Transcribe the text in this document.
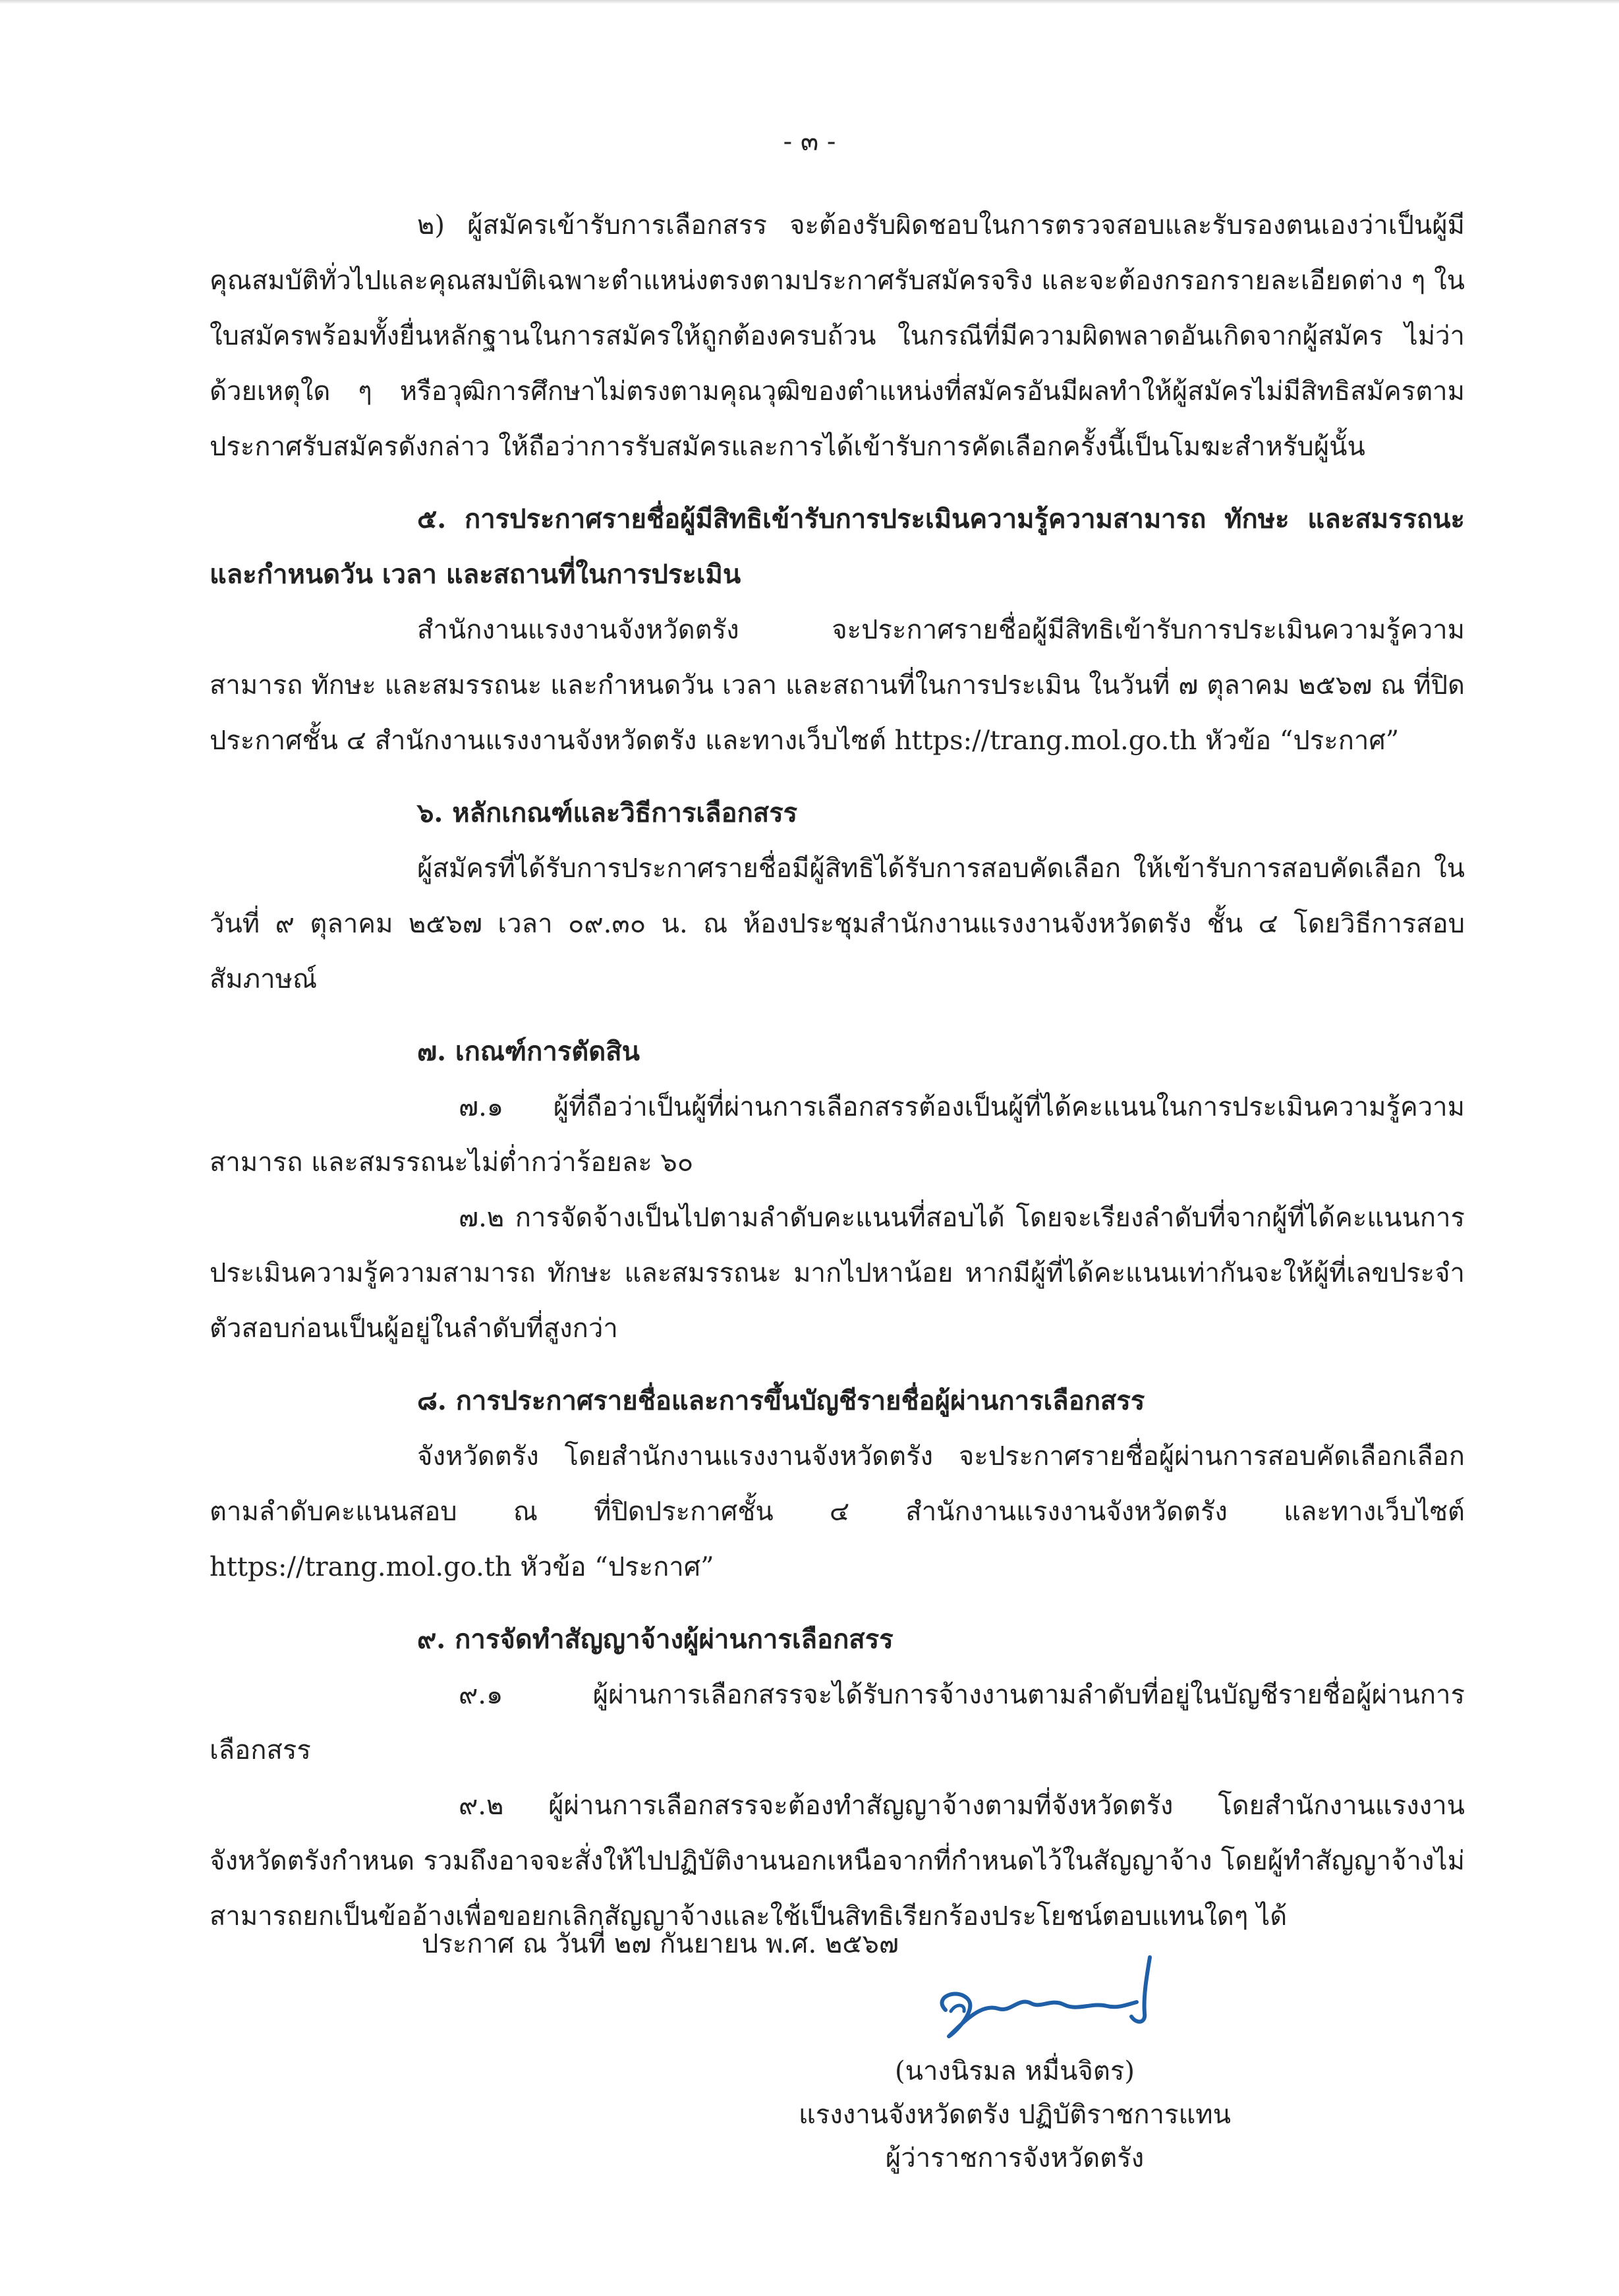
- ๓ -

๒) ผู้สมัครเข้ารับการเลือกสรร จะต้องรับผิดชอบในการตรวจสอบและรับรองตนเองว่าเป็นผู้มีคุณสมบัติทั่วไปและคุณสมบัติเฉพาะตำแหน่งตรงตามประกาศรับสมัครจริง และจะต้องกรอกรายละเอียดต่าง ๆ ในใบสมัครพร้อมทั้งยื่นหลักฐานในการสมัครให้ถูกต้องครบถ้วน ในกรณีที่มีความผิดพลาดอันเกิดจากผู้สมัคร ไม่ว่าด้วยเหตุใด ๆ หรือวุฒิการศึกษาไม่ตรงตามคุณวุฒิของตำแหน่งที่สมัครอันมีผลทำให้ผู้สมัครไม่มีสิทธิสมัครตามประกาศรับสมัครดังกล่าว ให้ถือว่าการรับสมัครและการได้เข้ารับการคัดเลือกครั้งนี้เป็นโมฆะสำหรับผู้นั้น

๕. การประกาศรายชื่อผู้มีสิทธิเข้ารับการประเมินความรู้ความสามารถ ทักษะ และสมรรถนะ และกำหนดวัน เวลา และสถานที่ในการประเมิน

สำนักงานแรงงานจังหวัดตรัง จะประกาศรายชื่อผู้มีสิทธิเข้ารับการประเมินความรู้ความสามารถ ทักษะ และสมรรถนะ และกำหนดวัน เวลา และสถานที่ในการประเมิน ในวันที่ ๗ ตุลาคม ๒๕๖๗ ณ ที่ปิดประกาศชั้น ๔ สำนักงานแรงงานจังหวัดตรัง และทางเว็บไซต์ https://trang.mol.go.th หัวข้อ “ประกาศ”

๖. หลักเกณฑ์และวิธีการเลือกสรร

ผู้สมัครที่ได้รับการประกาศรายชื่อมีผู้สิทธิได้รับการสอบคัดเลือก ให้เข้ารับการสอบคัดเลือก ในวันที่ ๙ ตุลาคม ๒๕๖๗ เวลา ๐๙.๓๐ น. ณ ห้องประชุมสำนักงานแรงงานจังหวัดตรัง ชั้น ๔ โดยวิธีการสอบสัมภาษณ์

๗. เกณฑ์การตัดสิน

๗.๑ ผู้ที่ถือว่าเป็นผู้ที่ผ่านการเลือกสรรต้องเป็นผู้ที่ได้คะแนนในการประเมินความรู้ความสามารถ และสมรรถนะไม่ต่ำกว่าร้อยละ ๖๐

๗.๒ การจัดจ้างเป็นไปตามลำดับคะแนนที่สอบได้ โดยจะเรียงลำดับที่จากผู้ที่ได้คะแนนการประเมินความรู้ความสามารถ ทักษะ และสมรรถนะ มากไปหาน้อย หากมีผู้ที่ได้คะแนนเท่ากันจะให้ผู้ที่เลขประจำตัวสอบก่อนเป็นผู้อยู่ในลำดับที่สูงกว่า

๘. การประกาศรายชื่อและการขึ้นบัญชีรายชื่อผู้ผ่านการเลือกสรร

จังหวัดตรัง โดยสำนักงานแรงงานจังหวัดตรัง จะประกาศรายชื่อผู้ผ่านการสอบคัดเลือกเลือกตามลำดับคะแนนสอบ ณ ที่ปิดประกาศชั้น ๔ สำนักงานแรงงานจังหวัดตรัง และทางเว็บไซต์ https://trang.mol.go.th หัวข้อ “ประกาศ”

๙. การจัดทำสัญญาจ้างผู้ผ่านการเลือกสรร

๙.๑ ผู้ผ่านการเลือกสรรจะได้รับการจ้างงานตามลำดับที่อยู่ในบัญชีรายชื่อผู้ผ่านการเลือกสรร

๙.๒ ผู้ผ่านการเลือกสรรจะต้องทำสัญญาจ้างตามที่จังหวัดตรัง โดยสำนักงานแรงงานจังหวัดตรังกำหนด รวมถึงอาจจะสั่งให้ไปปฏิบัติงานนอกเหนือจากที่กำหนดไว้ในสัญญาจ้าง โดยผู้ทำสัญญาจ้างไม่สามารถยกเป็นข้ออ้างเพื่อขอยกเลิกสัญญาจ้างและใช้เป็นสิทธิเรียกร้องประโยชน์ตอบแทนใดๆ ได้

ประกาศ ณ วันที่ ๒๗ กันยายน พ.ศ. ๒๕๖๗
(นางนิรมล หมื่นจิตร)
แรงงานจังหวัดตรัง ปฏิบัติราชการแทน
ผู้ว่าราชการจังหวัดตรัง
